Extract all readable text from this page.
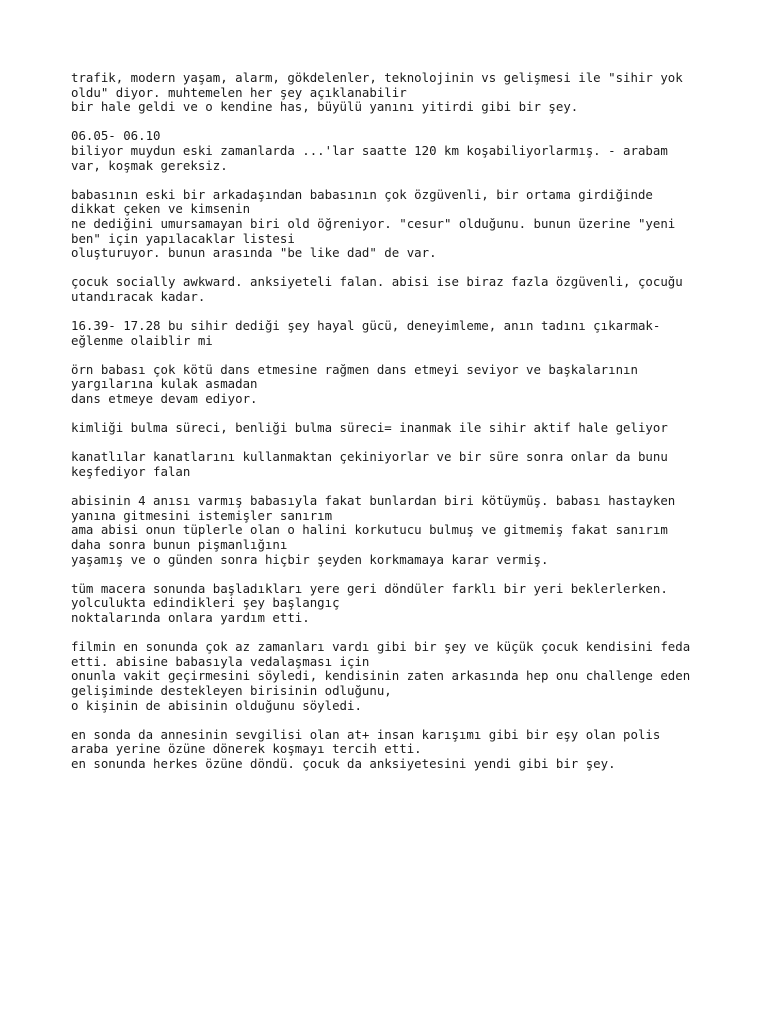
trafik, modern yaşam, alarm, gökdelenler, teknolojinin vs gelişmesi ile "sihir yok
oldu" diyor. muhtemelen her şey açıklanabilir
bir hale geldi ve o kendine has, büyülü yanını yitirdi gibi bir şey.
06.05- 06.10
biliyor muydun eski zamanlarda ...'lar saatte 120 km koşabiliyorlarmış. - arabam
var, koşmak gereksiz.
babasının eski bir arkadaşından babasının çok özgüvenli, bir ortama girdiğinde
dikkat çeken ve kimsenin
ne dediğini umursamayan biri old öğreniyor. "cesur" olduğunu. bunun üzerine "yeni
ben" için yapılacaklar listesi
oluşturuyor. bunun arasında "be like dad" de var.
çocuk socially awkward. anksiyeteli falan. abisi ise biraz fazla özgüvenli, çocuğu
utandıracak kadar.
16.39- 17.28 bu sihir dediği şey hayal gücü, deneyimleme, anın tadını çıkarmak-
eğlenme olaiblir mi
örn babası çok kötü dans etmesine rağmen dans etmeyi seviyor ve başkalarının
yargılarına kulak asmadan
dans etmeye devam ediyor.
kimliği bulma süreci, benliği bulma süreci= inanmak ile sihir aktif hale geliyor
kanatlılar kanatlarını kullanmaktan çekiniyorlar ve bir süre sonra onlar da bunu
keşfediyor falan
abisinin 4 anısı varmış babasıyla fakat bunlardan biri kötüymüş. babası hastayken
yanına gitmesini istemişler sanırım
ama abisi onun tüplerle olan o halini korkutucu bulmuş ve gitmemiş fakat sanırım
daha sonra bunun pişmanlığını
yaşamış ve o günden sonra hiçbir şeyden korkmamaya karar vermiş.
tüm macera sonunda başladıkları yere geri döndüler farklı bir yeri beklerlerken.
yolculukta edindikleri şey başlangıç
noktalarında onlara yardım etti.
filmin en sonunda çok az zamanları vardı gibi bir şey ve küçük çocuk kendisini feda
etti. abisine babasıyla vedalaşması için
onunla vakit geçirmesini söyledi, kendisinin zaten arkasında hep onu challenge eden
gelişiminde destekleyen birisinin odluğunu,
o kişinin de abisinin olduğunu söyledi.
en sonda da annesinin sevgilisi olan at+ insan karışımı gibi bir eşy olan polis
araba yerine özüne dönerek koşmayı tercih etti.
en sonunda herkes özüne döndü. çocuk da anksiyetesini yendi gibi bir şey.
